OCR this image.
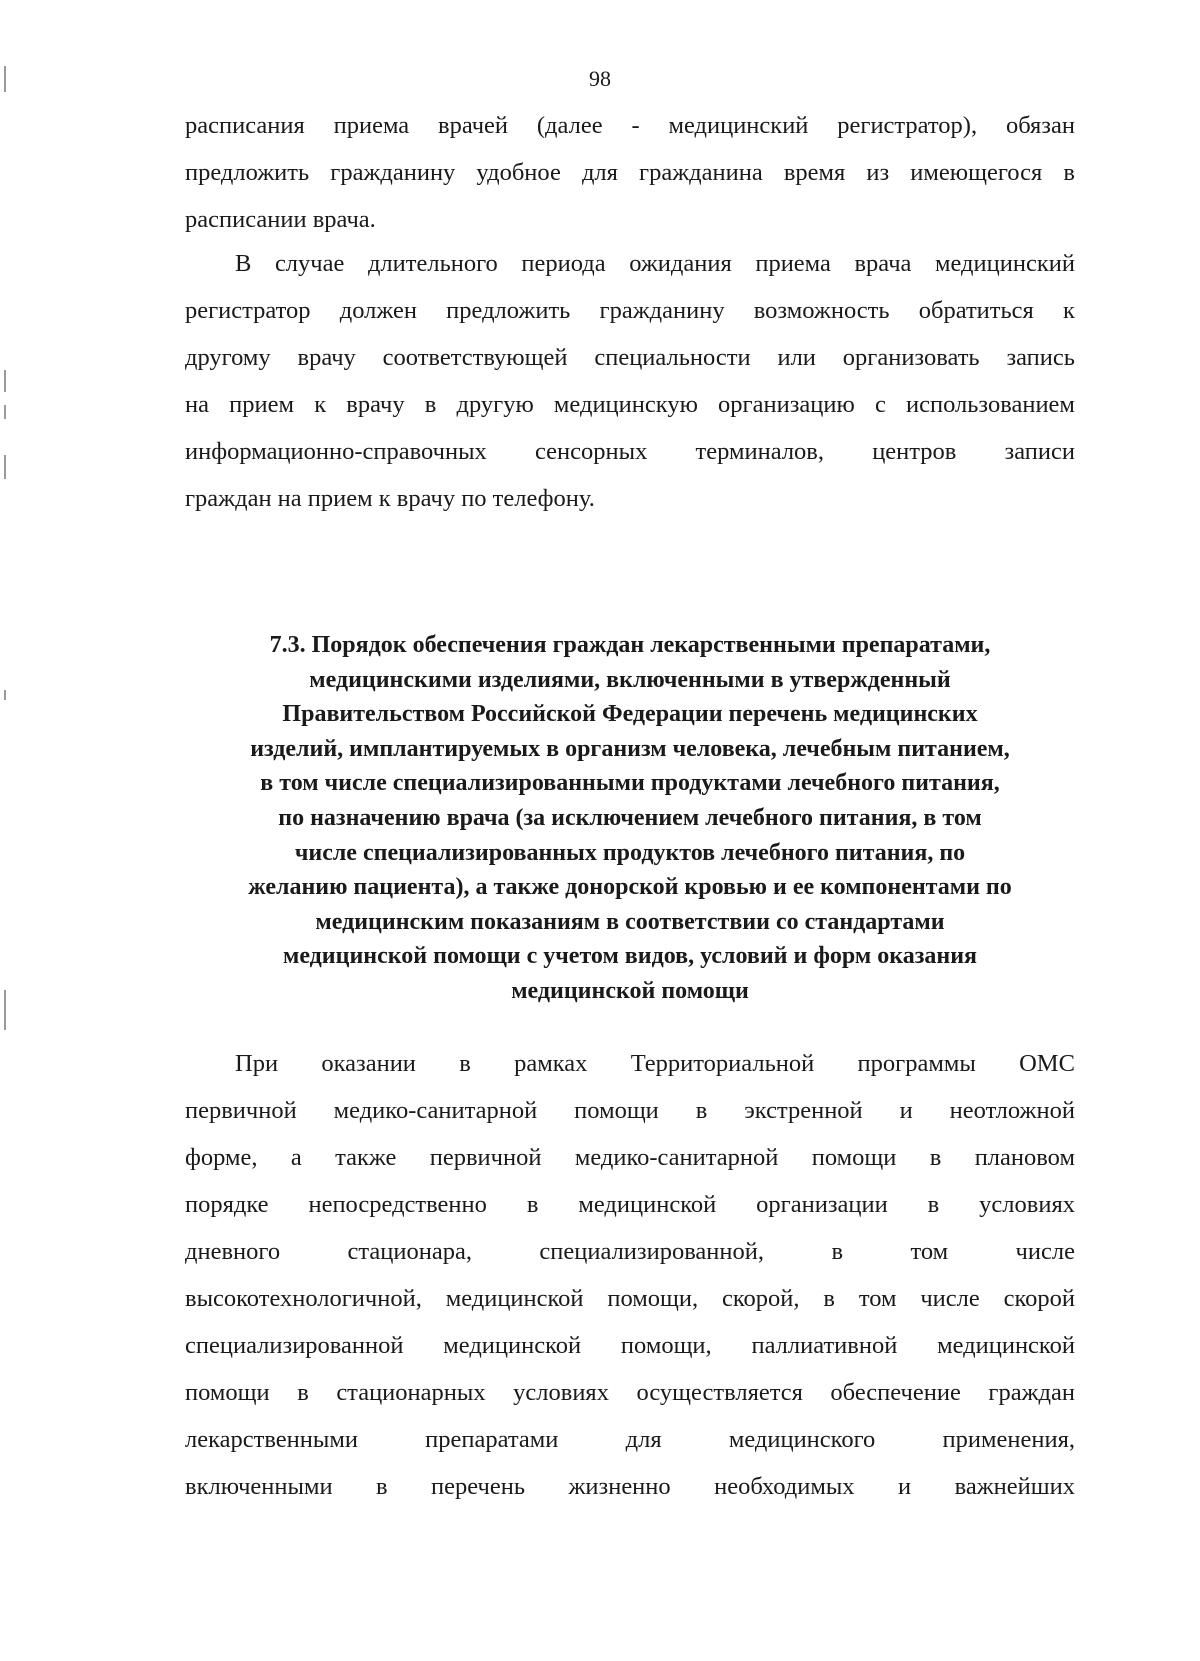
98
расписания приема врачей (далее - медицинский регистратор), обязан
предложить гражданину удобное для гражданина время из имеющегося в
расписании врача.
В случае длительного периода ожидания приема врача медицинский
регистратор должен предложить гражданину возможность обратиться к
другому врачу соответствующей специальности или организовать запись
на прием к врачу в другую медицинскую организацию с использованием
информационно-справочных сенсорных терминалов, центров записи
граждан на прием к врачу по телефону.
7.3. Порядок обеспечения граждан лекарственными препаратами,
медицинскими изделиями, включенными в утвержденный
Правительством Российской Федерации перечень медицинских
изделий, имплантируемых в организм человека, лечебным питанием,
в том числе специализированными продуктами лечебного питания,
по назначению врача (за исключением лечебного питания, в том
числе специализированных продуктов лечебного питания, по
желанию пациента), а также донорской кровью и ее компонентами по
медицинским показаниям в соответствии со стандартами
медицинской помощи с учетом видов, условий и форм оказания
медицинской помощи
При оказании в рамках Территориальной программы ОМС
первичной медико-санитарной помощи в экстренной и неотложной
форме, а также первичной медико-санитарной помощи в плановом
порядке непосредственно в медицинской организации в условиях
дневного	стационара,	специализированной,	в	том	числе
высокотехнологичной, медицинской помощи, скорой, в том числе скорой
специализированной медицинской помощи, паллиативной медицинской
помощи в стационарных условиях осуществляется обеспечение граждан
лекарственными	препаратами	для	медицинского	применения,
включенными в перечень жизненно необходимых и важнейших
